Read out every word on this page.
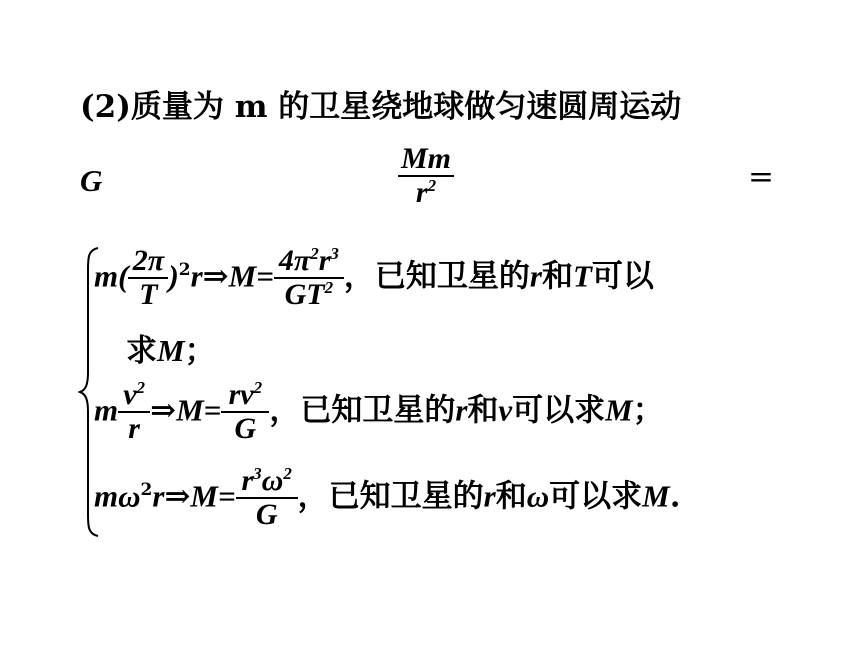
(2)质量为 m 的卫星绕地球做匀速圆周运动
G
Mm
$r^2$	=
$m( \frac{2\pi}{T}$ )$^2r\Rightarrow M= \frac{4\pi^2r^3}{GT^2}$ ，已知卫星的r和T可以
求M；
m $\frac{v^2}{r}$ ⇒M= $\frac{rv^2}{G}$ ，已知卫星的r和v可以求M；
$m\omega^2r\Rightarrow M= \frac{r^3\omega^2}{G}$ ，已知卫星的r和ω可以求M.
